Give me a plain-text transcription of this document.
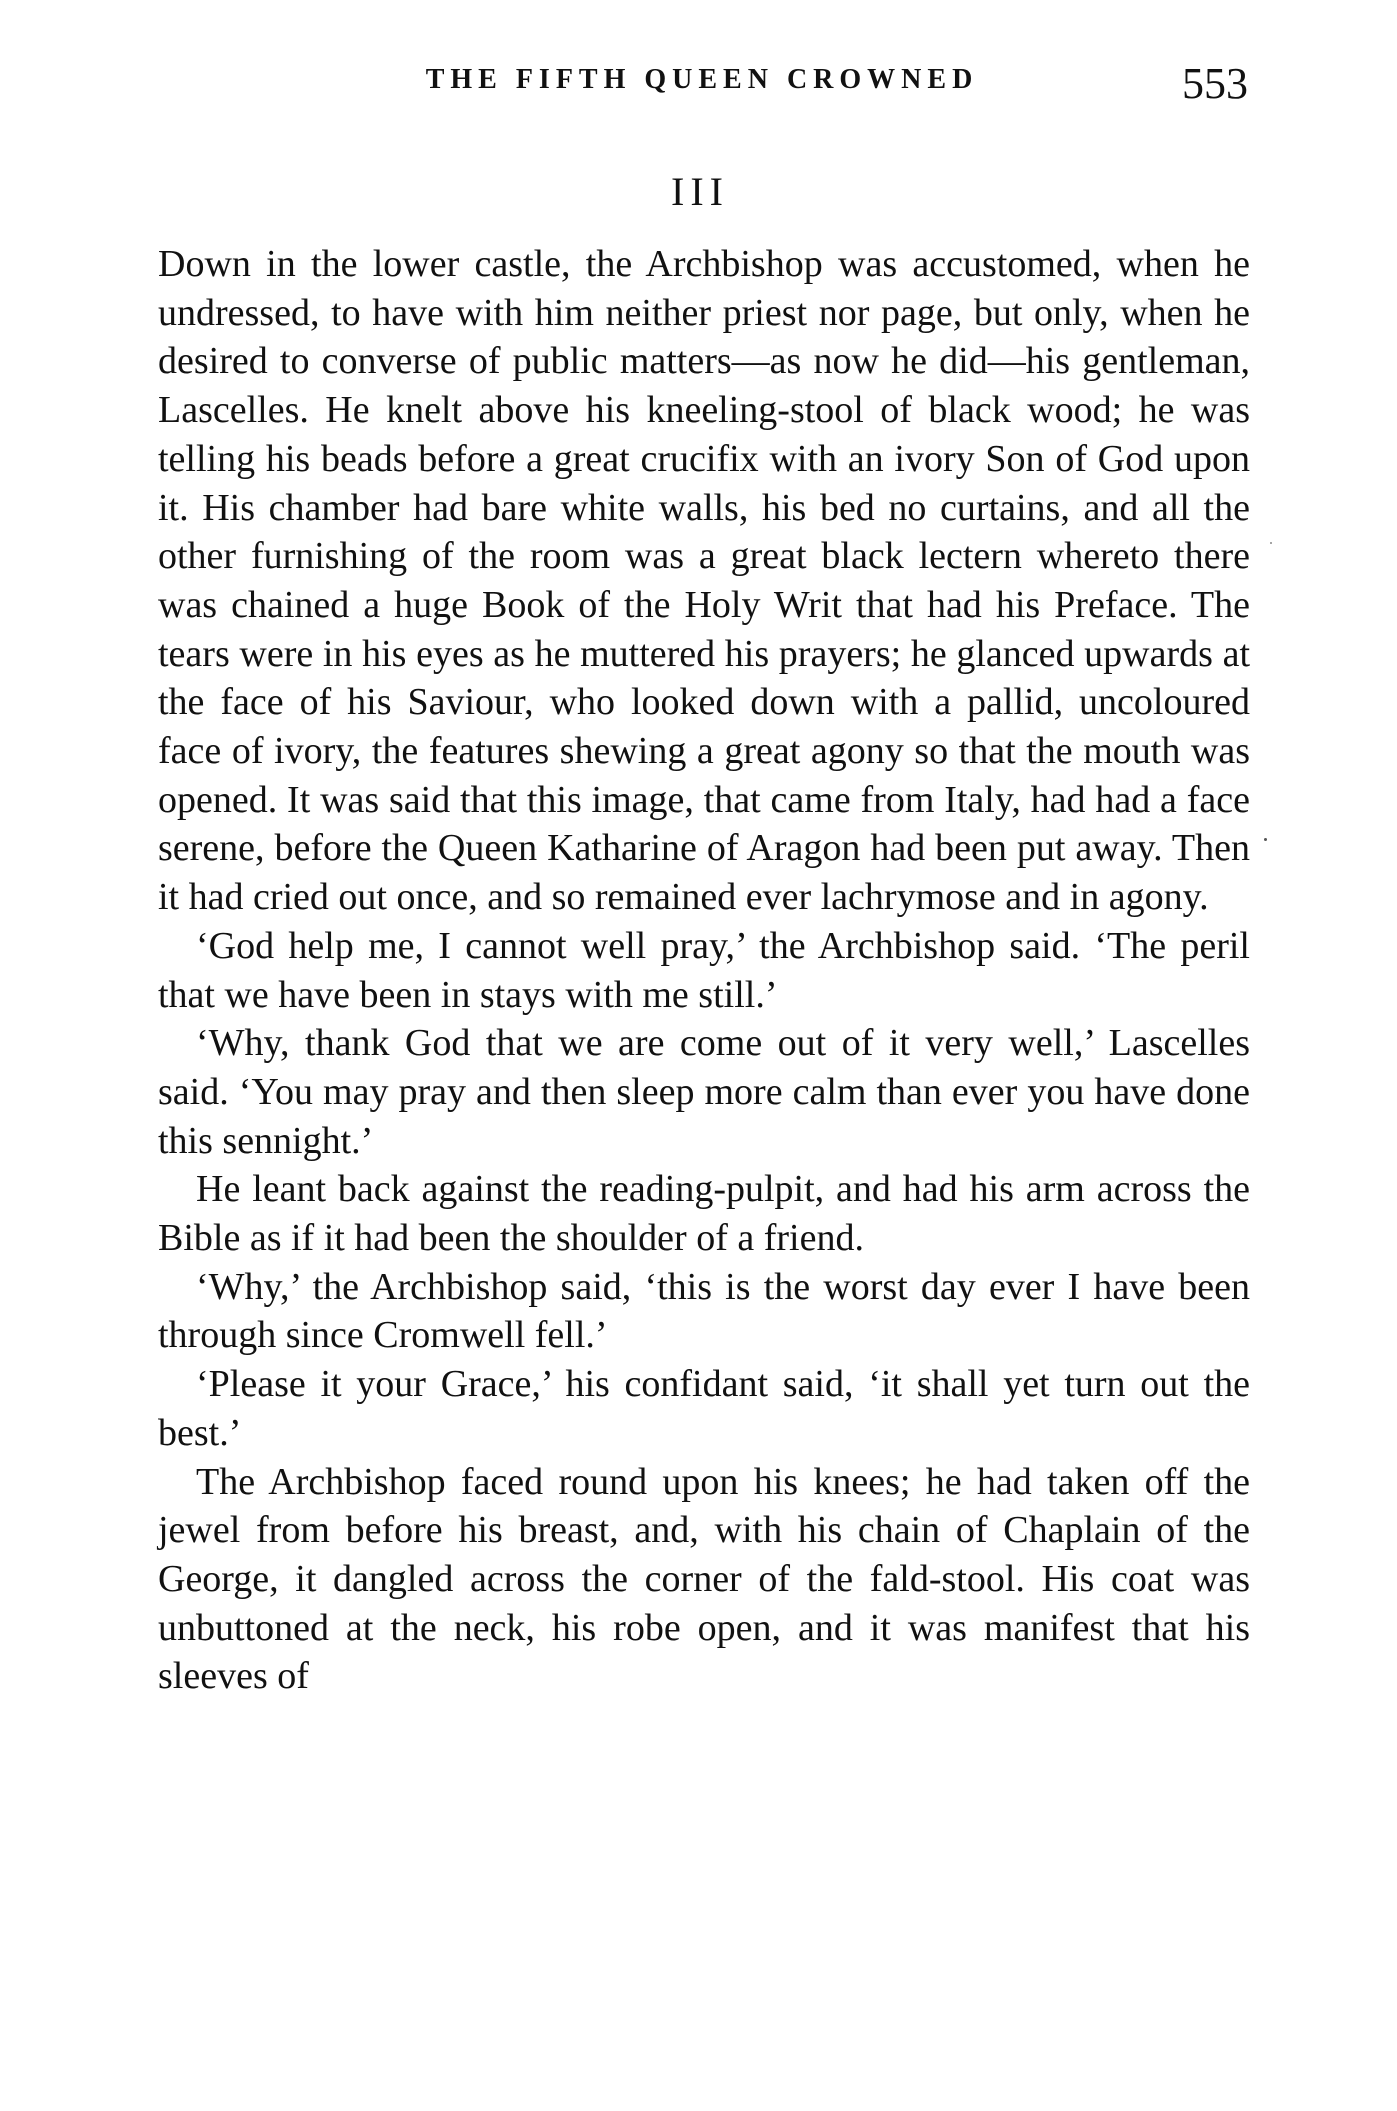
THE FIFTH QUEEN CROWNED	553
III

Down in the lower castle, the Archbishop was accustomed, when he undressed, to have with him neither priest nor page, but only, when he desired to converse of public matters—as now he did—his gentleman, Lascelles. He knelt above his kneeling-stool of black wood; he was telling his beads before a great crucifix with an ivory Son of God upon it. His chamber had bare white walls, his bed no curtains, and all the other furnishing of the room was a great black lectern whereto there was chained a huge Book of the Holy Writ that had his Preface. The tears were in his eyes as he muttered his prayers; he glanced upwards at the face of his Saviour, who looked down with a pallid, uncoloured face of ivory, the features shewing a great agony so that the mouth was opened. It was said that this image, that came from Italy, had had a face serene, before the Queen Katharine of Aragon had been put away. Then it had cried out once, and so remained ever lachrymose and in agony.

‘God help me, I cannot well pray,’ the Archbishop said. ‘The peril that we have been in stays with me still.’

‘Why, thank God that we are come out of it very well,’ Lascelles said. ‘You may pray and then sleep more calm than ever you have done this sennight.’

He leant back against the reading-pulpit, and had his arm across the Bible as if it had been the shoulder of a friend.

‘Why,’ the Archbishop said, ‘this is the worst day ever I have been through since Cromwell fell.’

‘Please it your Grace,’ his confidant said, ‘it shall yet turn out the best.’

The Archbishop faced round upon his knees; he had taken off the jewel from before his breast, and, with his chain of Chaplain of the George, it dangled across the corner of the fald-stool. His coat was unbuttoned at the neck, his robe open, and it was manifest that his sleeves of
